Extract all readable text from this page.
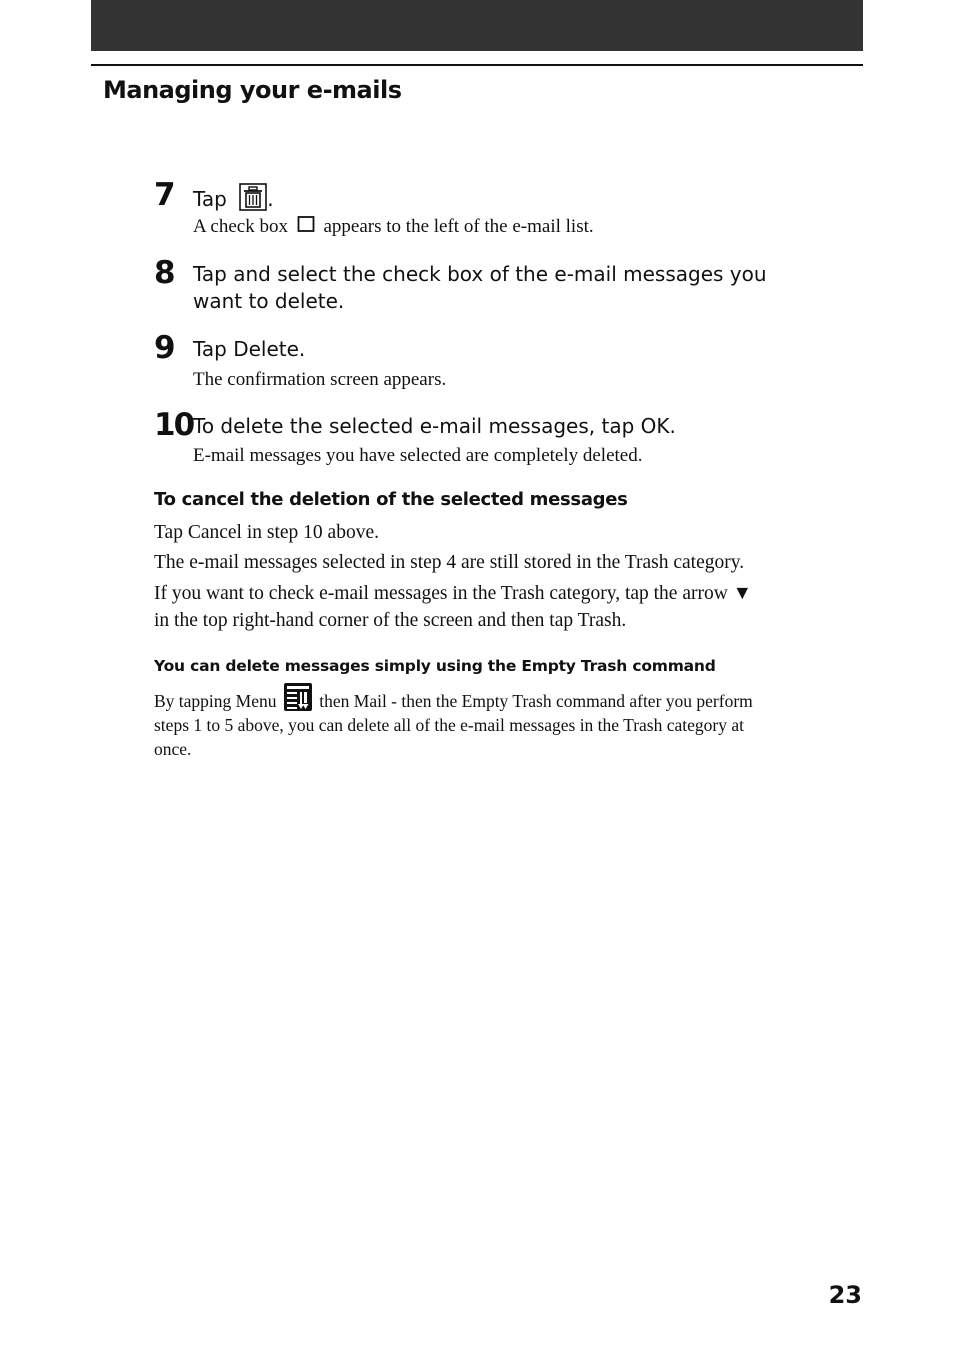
Managing your e-mails
7 Tap .
A check box appears to the left of the e-mail list.
8 Tap and select the check box of the e-mail messages you
want to delete.
9 Tap Delete.
The confirmation screen appears.
10 To delete the selected e-mail messages, tap OK.
E-mail messages you have selected are completely deleted.
To cancel the deletion of the selected messages
Tap Cancel in step 10 above.
The e-mail messages selected in step 4 are still stored in the Trash category.
If you want to check e-mail messages in the Trash category, tap the arrow ▼
in the top right-hand corner of the screen and then tap Trash.
You can delete messages simply using the Empty Trash command
By tapping Menu then Mail - then the Empty Trash command after you perform
steps 1 to 5 above, you can delete all of the e-mail messages in the Trash category at
once.
23
